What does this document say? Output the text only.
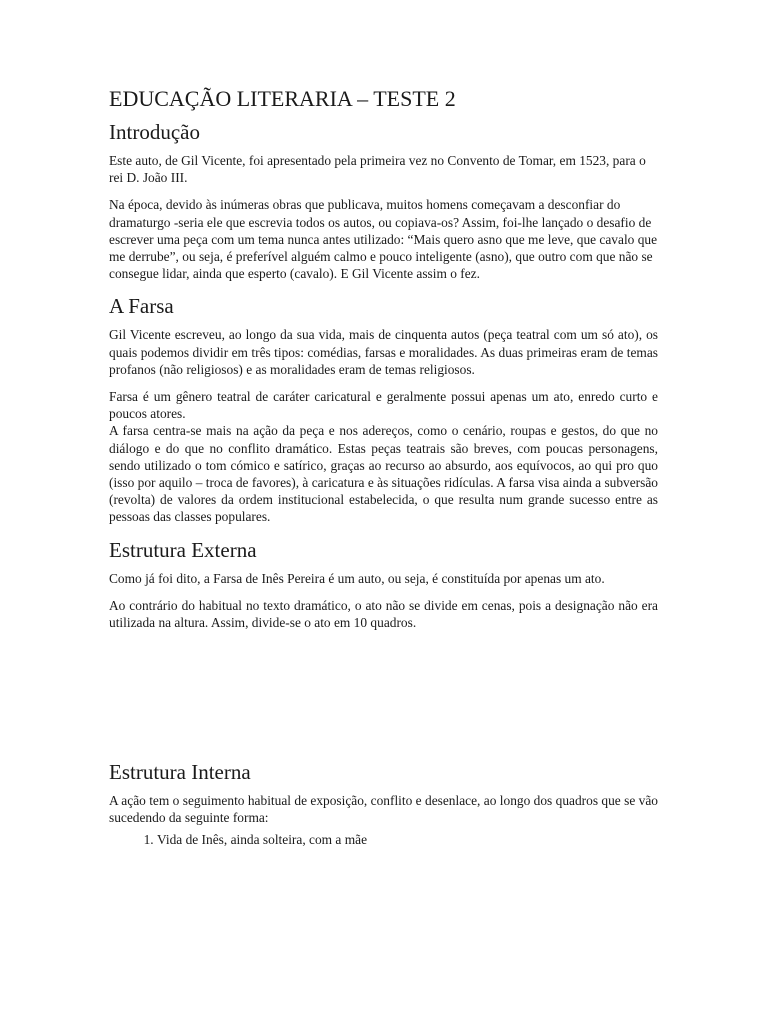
EDUCAÇÃO LITERARIA – TESTE 2
Introdução

Este auto, de Gil Vicente, foi apresentado pela primeira vez no Convento de Tomar, em 1523, para o rei D. João III.

Na época, devido às inúmeras obras que publicava, muitos homens começavam a desconfiar do dramaturgo -seria ele que escrevia todos os autos, ou copiava-os? Assim, foi-lhe lançado o desafio de escrever uma peça com um tema nunca antes utilizado: “Mais quero asno que me leve, que cavalo que me derrube”, ou seja, é preferível alguém calmo e pouco inteligente (asno), que outro com que não se consegue lidar, ainda que esperto (cavalo). E Gil Vicente assim o fez.

A Farsa

Gil Vicente escreveu, ao longo da sua vida, mais de cinquenta autos (peça teatral com um só ato), os quais podemos dividir em três tipos: comédias, farsas e moralidades. As duas primeiras eram de temas profanos (não religiosos) e as moralidades eram de temas religiosos.

Farsa é um gênero teatral de caráter caricatural e geralmente possui apenas um ato, enredo curto e poucos atores.

A farsa centra-se mais na ação da peça e nos adereços, como o cenário, roupas e gestos, do que no diálogo e do que no conflito dramático. Estas peças teatrais são breves, com poucas personagens, sendo utilizado o tom cómico e satírico, graças ao recurso ao absurdo, aos equívocos, ao qui pro quo (isso por aquilo – troca de favores), à caricatura e às situações ridículas. A farsa visa ainda a subversão (revolta) de valores da ordem institucional estabelecida, o que resulta num grande sucesso entre as pessoas das classes populares.

Estrutura Externa

Como já foi dito, a Farsa de Inês Pereira é um auto, ou seja, é constituída por apenas um ato.

Ao contrário do habitual no texto dramático, o ato não se divide em cenas, pois a designação não era utilizada na altura. Assim, divide-se o ato em 10 quadros.

Estrutura Interna

A ação tem o seguimento habitual de exposição, conflito e desenlace, ao longo dos quadros que se vão sucedendo da seguinte forma:

1. Vida de Inês, ainda solteira, com a mãe
